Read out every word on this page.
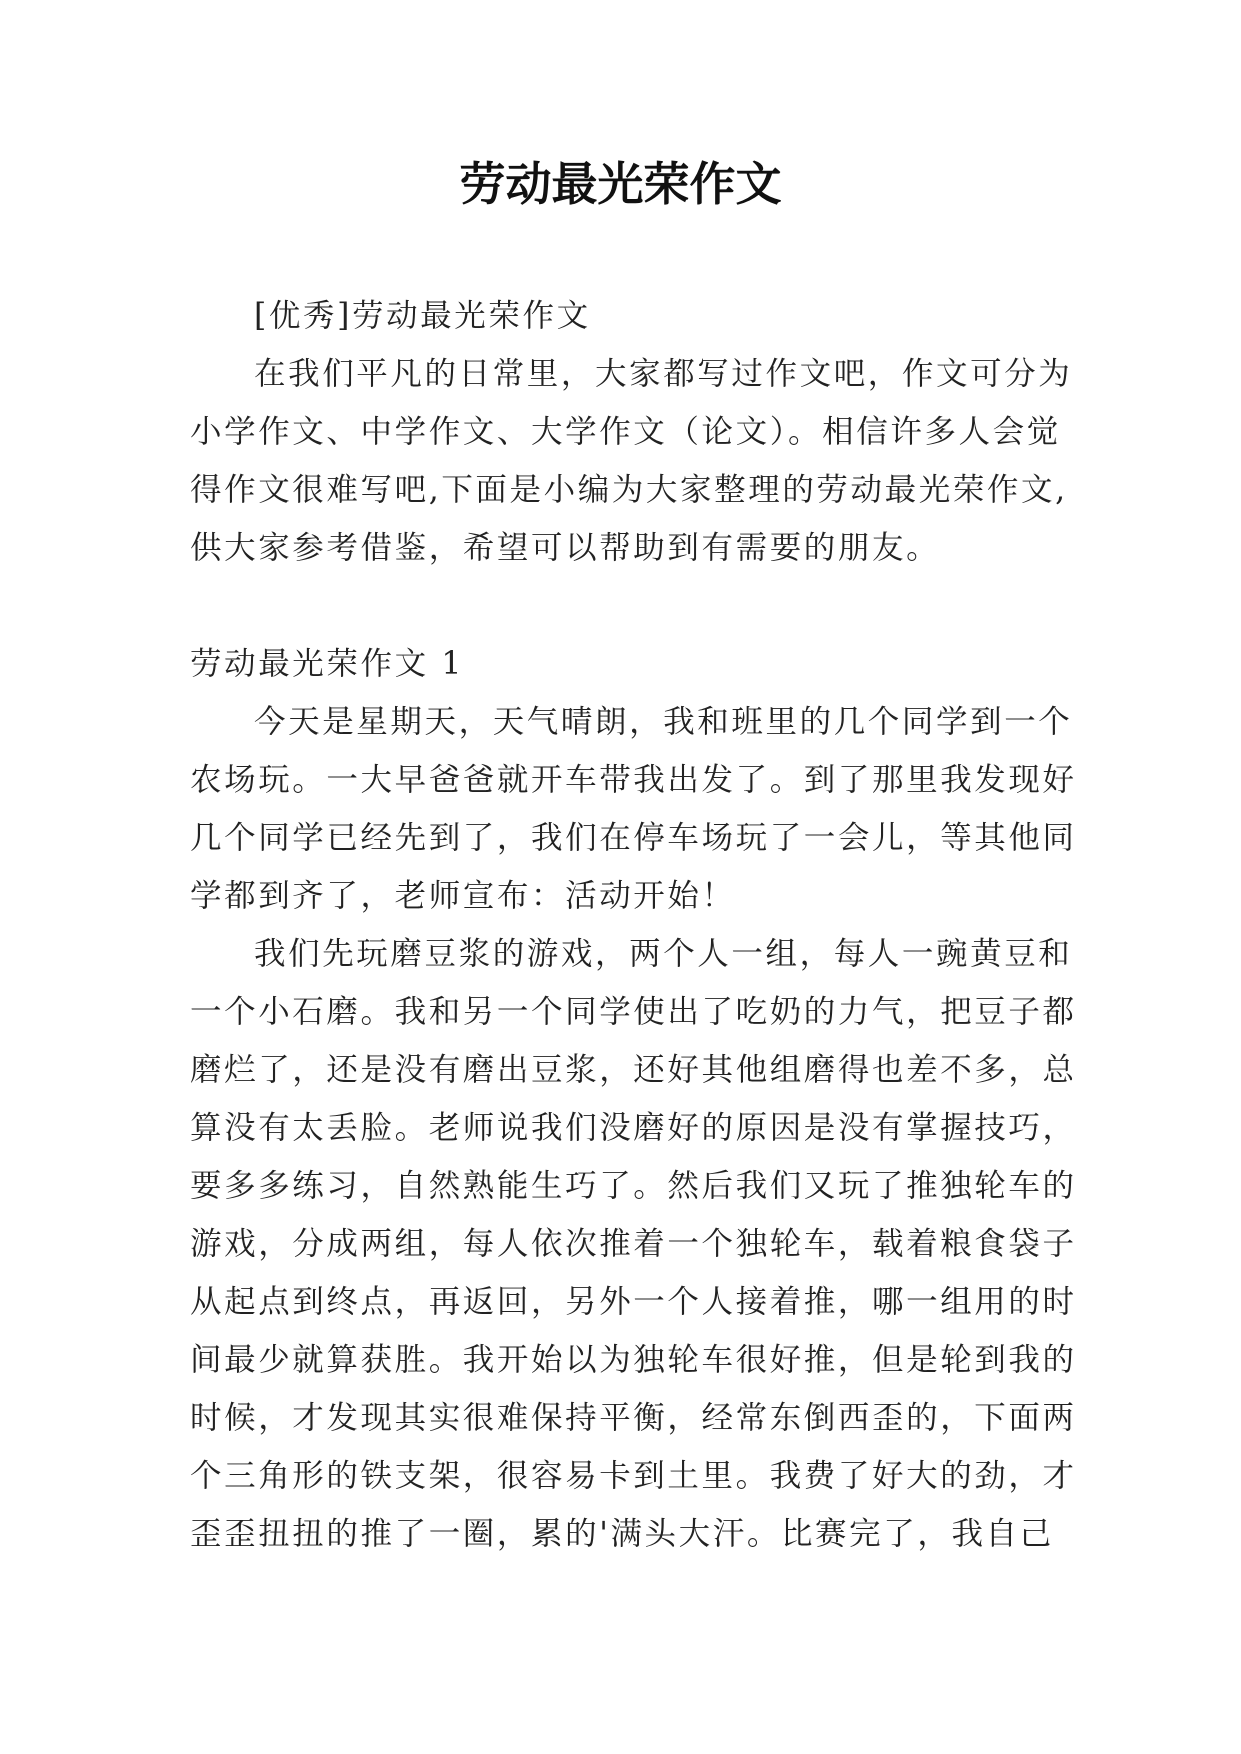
劳动最光荣作文
[优秀]劳动最光荣作文
在我们平凡的日常里，大家都写过作文吧，作文可分为
小学作文、中学作文、大学作文（论文）。相信许多人会觉
得作文很难写吧,下面是小编为大家整理的劳动最光荣作文,
供大家参考借鉴，希望可以帮助到有需要的朋友。
劳动最光荣作文 1
今天是星期天，天气晴朗，我和班里的几个同学到一个
农场玩。一大早爸爸就开车带我出发了。到了那里我发现好
几个同学已经先到了，我们在停车场玩了一会儿，等其他同
学都到齐了，老师宣布：活动开始！
我们先玩磨豆浆的游戏，两个人一组，每人一豌黄豆和
一个小石磨。我和另一个同学使出了吃奶的力气，把豆子都
磨烂了，还是没有磨出豆浆，还好其他组磨得也差不多，总
算没有太丢脸。老师说我们没磨好的原因是没有掌握技巧，
要多多练习，自然熟能生巧了。然后我们又玩了推独轮车的
游戏，分成两组，每人依次推着一个独轮车，载着粮食袋子
从起点到终点，再返回，另外一个人接着推，哪一组用的时
间最少就算获胜。我开始以为独轮车很好推，但是轮到我的
时候，才发现其实很难保持平衡，经常东倒西歪的，下面两
个三角形的铁支架，很容易卡到土里。我费了好大的劲，才
歪歪扭扭的推了一圈，累的'满头大汗。比赛完了，我自己
